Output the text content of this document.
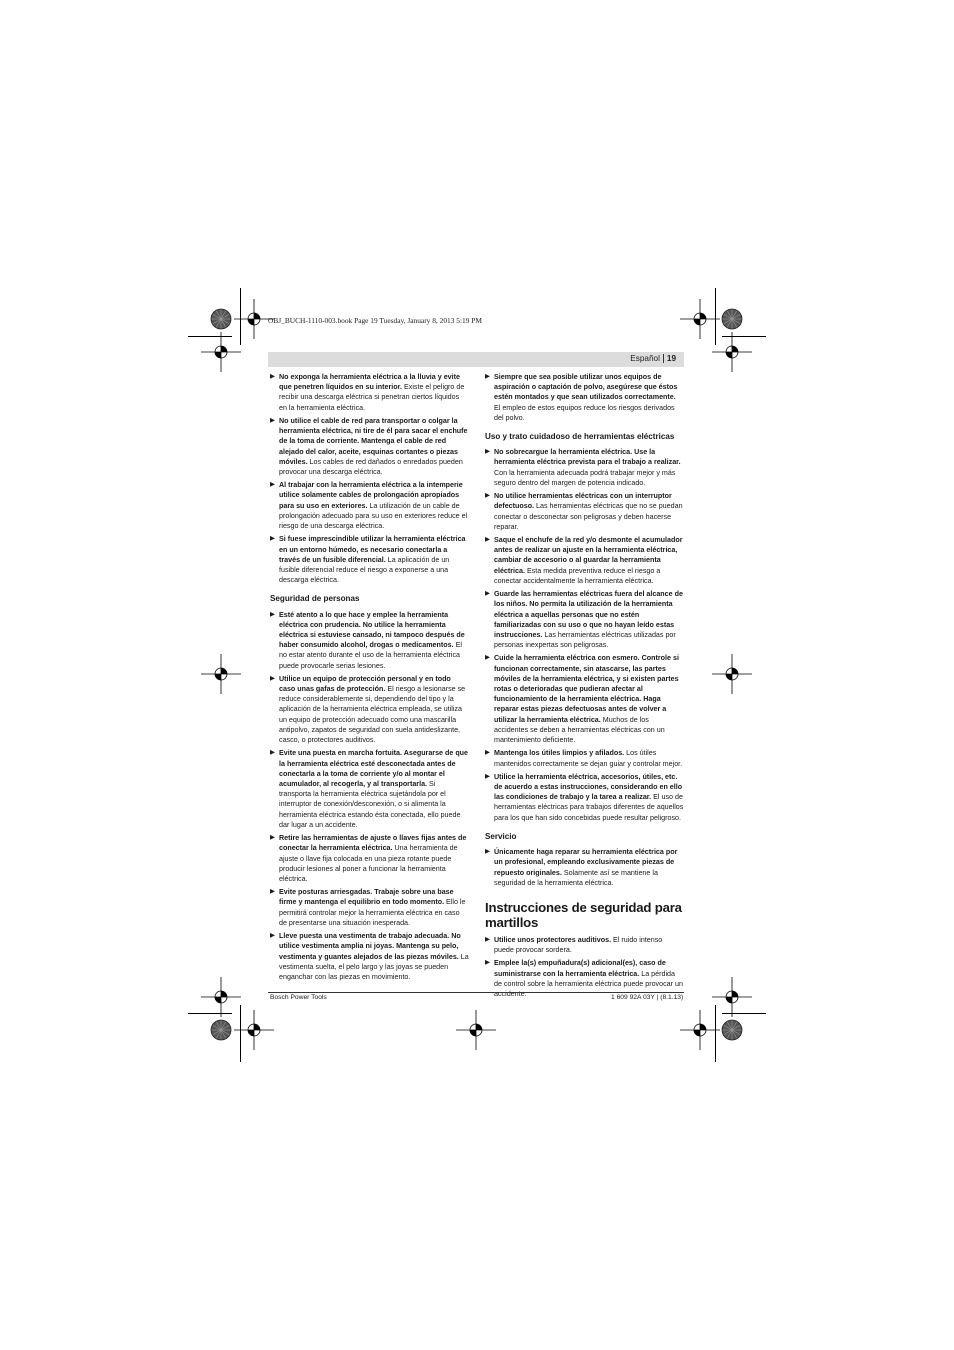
OBJ_BUCH-1110-003.book Page 19 Tuesday, January 8, 2013 5:19 PM
Español 19
▶ No exponga la herramienta eléctrica a la lluvia y evite que penetren líquidos en su interior. Existe el peligro de recibir una descarga eléctrica si penetran ciertos líquidos en la herramienta eléctrica.
▶ No utilice el cable de red para transportar o colgar la herramienta eléctrica, ni tire de él para sacar el enchufe de la toma de corriente. Mantenga el cable de red alejado del calor, aceite, esquinas cortantes o piezas móviles. Los cables de red dañados o enredados pueden provocar una descarga eléctrica.
▶ Al trabajar con la herramienta eléctrica a la intemperie utilice solamente cables de prolongación apropiados para su uso en exteriores. La utilización de un cable de prolongación adecuado para su uso en exteriores reduce el riesgo de una descarga eléctrica.
▶ Si fuese imprescindible utilizar la herramienta eléctrica en un entorno húmedo, es necesario conectarla a través de un fusible diferencial. La aplicación de un fusible diferencial reduce el riesgo a exponerse a una descarga eléctrica.
Seguridad de personas
▶ Esté atento a lo que hace y emplee la herramienta eléctrica con prudencia. No utilice la herramienta eléctrica si estuviese cansado, ni tampoco después de haber consumido alcohol, drogas o medicamentos. El no estar atento durante el uso de la herramienta eléctrica puede provocarle serias lesiones.
▶ Utilice un equipo de protección personal y en todo caso unas gafas de protección. El riesgo a lesionarse se reduce considerablemente si, dependiendo del tipo y la aplicación de la herramienta eléctrica empleada, se utiliza un equipo de protección adecuado como una mascarilla antipolvo, zapatos de seguridad con suela antideslizante, casco, o protectores auditivos.
▶ Evite una puesta en marcha fortuita. Asegurarse de que la herramienta eléctrica esté desconectada antes de conectarla a la toma de corriente y/o al montar el acumulador, al recogerla, y al transportarla. Si transporta la herramienta eléctrica sujetándola por el interruptor de conexión/desconexión, o si alimenta la herramienta eléctrica estando ésta conectada, ello puede dar lugar a un accidente.
▶ Retire las herramientas de ajuste o llaves fijas antes de conectar la herramienta eléctrica. Una herramienta de ajuste o llave fija colocada en una pieza rotante puede producir lesiones al poner a funcionar la herramienta eléctrica.
▶ Evite posturas arriesgadas. Trabaje sobre una base firme y mantenga el equilibrio en todo momento. Ello le permitirá controlar mejor la herramienta eléctrica en caso de presentarse una situación inesperada.
▶ Lleve puesta una vestimenta de trabajo adecuada. No utilice vestimenta amplia ni joyas. Mantenga su pelo, vestimenta y guantes alejados de las piezas móviles. La vestimenta suelta, el pelo largo y las joyas se pueden enganchar con las piezas en movimiento.
▶ Siempre que sea posible utilizar unos equipos de aspiración o captación de polvo, asegúrese que éstos estén montados y que sean utilizados correctamente. El empleo de estos equipos reduce los riesgos derivados del polvo.
Uso y trato cuidadoso de herramientas eléctricas
▶ No sobrecargue la herramienta eléctrica. Use la herramienta eléctrica prevista para el trabajo a realizar. Con la herramienta adecuada podrá trabajar mejor y más seguro dentro del margen de potencia indicado.
▶ No utilice herramientas eléctricas con un interruptor defectuoso. Las herramientas eléctricas que no se puedan conectar o desconectar son peligrosas y deben hacerse reparar.
▶ Saque el enchufe de la red y/o desmonte el acumulador antes de realizar un ajuste en la herramienta eléctrica, cambiar de accesorio o al guardar la herramienta eléctrica. Esta medida preventiva reduce el riesgo a conectar accidentalmente la herramienta eléctrica.
▶ Guarde las herramientas eléctricas fuera del alcance de los niños. No permita la utilización de la herramienta eléctrica a aquellas personas que no estén familiarizadas con su uso o que no hayan leído estas instrucciones. Las herramientas eléctricas utilizadas por personas inexpertas son peligrosas.
▶ Cuide la herramienta eléctrica con esmero. Controle si funcionan correctamente, sin atascarse, las partes móviles de la herramienta eléctrica, y si existen partes rotas o deterioradas que pudieran afectar al funcionamiento de la herramienta eléctrica. Haga reparar estas piezas defectuosas antes de volver a utilizar la herramienta eléctrica. Muchos de los accidentes se deben a herramientas eléctricas con un mantenimiento deficiente.
▶ Mantenga los útiles limpios y afilados. Los útiles mantenidos correctamente se dejan guiar y controlar mejor.
▶ Utilice la herramienta eléctrica, accesorios, útiles, etc. de acuerdo a estas instrucciones, considerando en ello las condiciones de trabajo y la tarea a realizar. El uso de herramientas eléctricas para trabajos diferentes de aquellos para los que han sido concebidas puede resultar peligroso.
Servicio
▶ Únicamente haga reparar su herramienta eléctrica por un profesional, empleando exclusivamente piezas de repuesto originales. Solamente así se mantiene la seguridad de la herramienta eléctrica.
Instrucciones de seguridad para martillos
▶ Utilice unos protectores auditivos. El ruido intenso puede provocar sordera.
▶ Emplee la(s) empuñadura(s) adicional(es), caso de suministrarse con la herramienta eléctrica. La pérdida de control sobre la herramienta eléctrica puede provocar un accidente.
Bosch Power Tools	1 609 92A 03Y | (8.1.13)
